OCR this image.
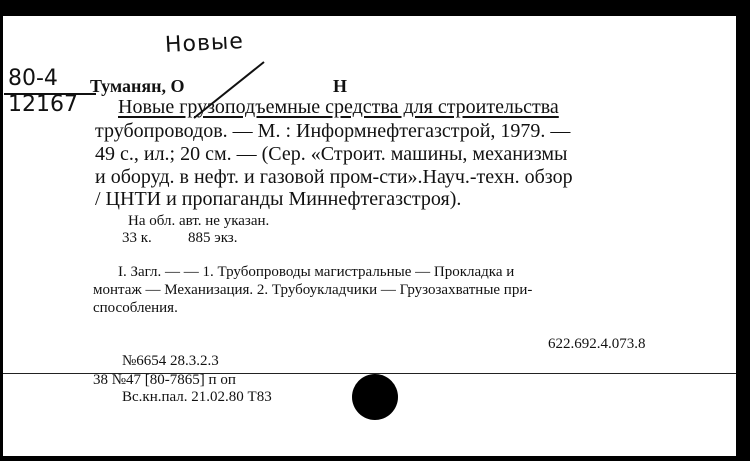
Новые
80-4
12167
Туманян, О	Н
Новые грузоподъемные средства для строительства
трубопроводов. — М. : Информнефтегазстрой, 1979. —
49 с., ил.; 20 см. — (Сер. «Строит. машины, механизмы
и оборуд. в нефт. и газовой пром-сти».Науч.-техн. обзор
/ ЦНТИ и пропаганды Миннефтегазстроя).
На обл. авт. не указан.
33 к. 885 экз.
I. Загл. — — 1. Трубопроводы магистральные — Прокладка и
монтаж — Механизация. 2. Трубоукладчики — Грузозахватные при-
способления.
622.692.4.073.8
№6654 28.3.2.3
38 №47 [80-7865] п оп
Вс.кн.пал. 21.02.80 Т83
